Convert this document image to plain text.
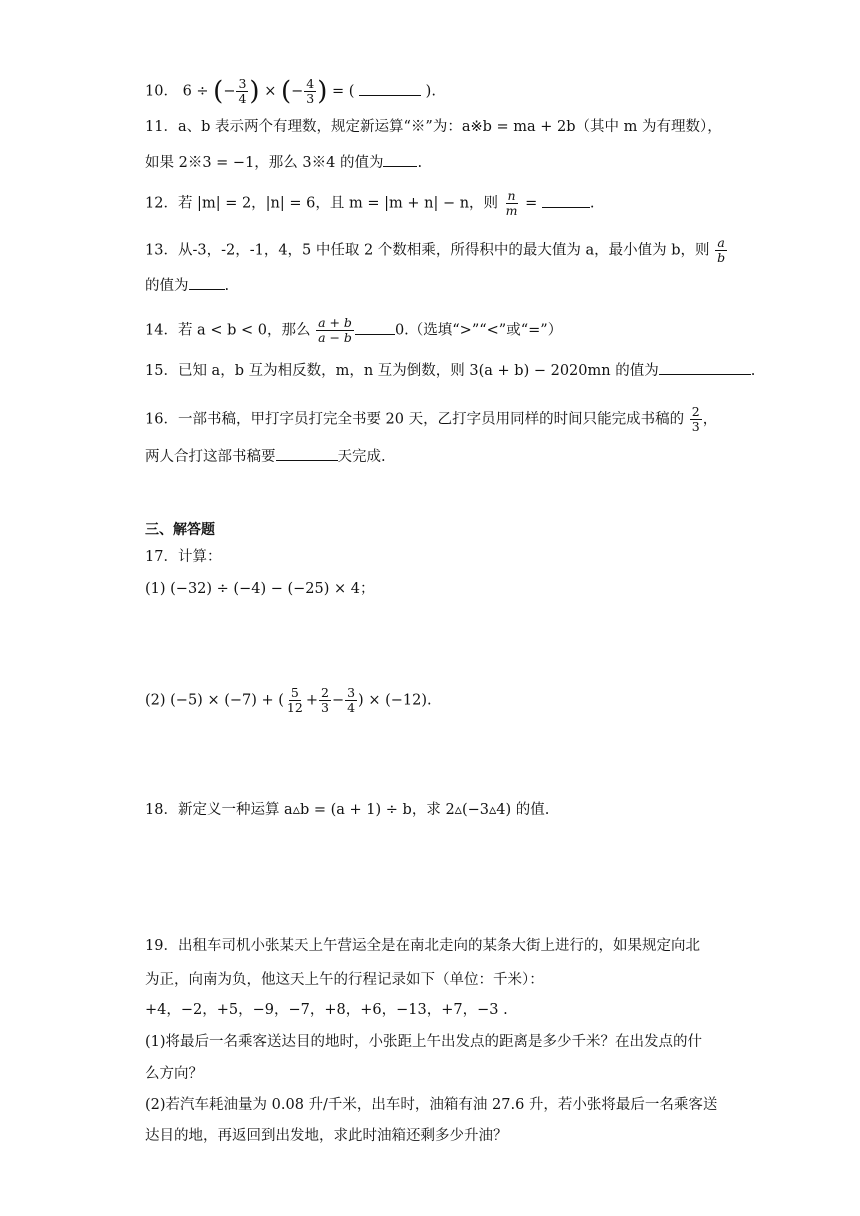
10． 6 ÷ (− $\frac{3}{4}$ ) × (− $\frac{4}{3}$ ) = (	).
11．a、b 表示两个有理数，规定新运算“※”为：a※b = ma + 2b（其中 m 为有理数），
如果 2※3 = −1，那么 3※4 的值为 .
12．若 |m| = 2，|n| = 6，且 m = |m + n| − n，则 $\frac{n}{m}$ =	.
13．从-3，-2，-1，4，5 中任取 2 个数相乘，所得积中的最大值为 a，最小值为 b，则 $\frac{a}{b}$
的值为 .
14．若 a < b < 0，那么 $\frac{a + b}{a - b}$	0.（选填“>”“<”或“=”）
15．已知 a，b 互为相反数，m，n 互为倒数，则 3(a + b) − 2020mn 的值为	.
16．一部书稿，甲打字员打完全书要 20 天，乙打字员用同样的时间只能完成书稿的 $\frac{2}{3}$ ，
两人合打这部书稿要	天完成.
三、解答题
17．计算：
(1) (−32) ÷ (−4) − (−25) × 4；
(2) (−5) × (−7) + ( $\frac{5}{12} + \frac{2}{3} - \frac{3}{4}$ ) × (−12).
18．新定义一种运算 a▵b = (a + 1) ÷ b，求 2▵(−3▵4) 的值.
19．出租车司机小张某天上午营运全是在南北走向的某条大街上进行的，如果规定向北
为正，向南为负，他这天上午的行程记录如下（单位：千米）：
+4，−2，+5，−9，−7，+8，+6，−13，+7，−3 .
(1)将最后一名乘客送达目的地时，小张距上午出发点的距离是多少千米？在出发点的什
么方向？
(2)若汽车耗油量为 0.08 升/千米，出车时，油箱有油 27.6 升，若小张将最后一名乘客送
达目的地，再返回到出发地，求此时油箱还剩多少升油？
